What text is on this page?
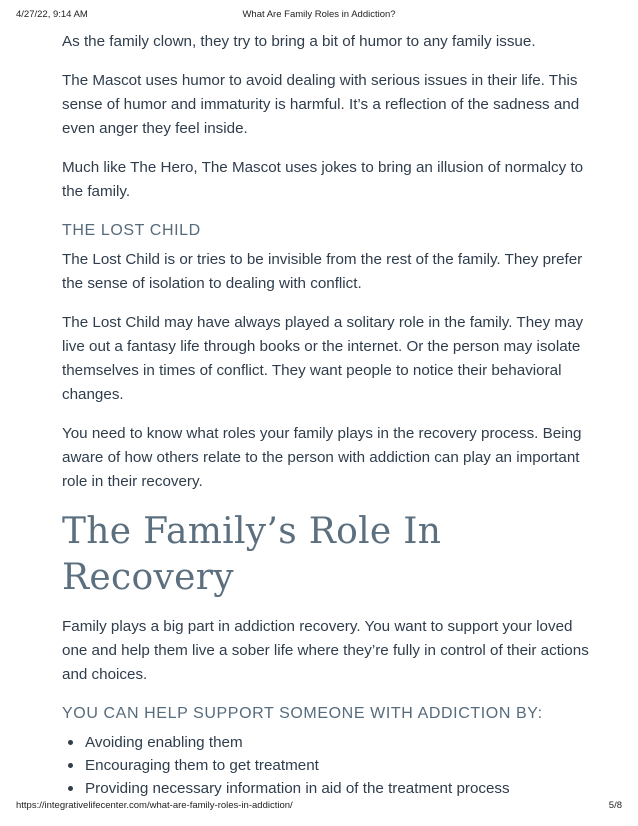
4/27/22, 9:14 AM	What Are Family Roles in Addiction?

As the family clown, they try to bring a bit of humor to any family issue.

The Mascot uses humor to avoid dealing with serious issues in their life. This sense of humor and immaturity is harmful. It’s a reflection of the sadness and even anger they feel inside.

Much like The Hero, The Mascot uses jokes to bring an illusion of normalcy to the family.

THE LOST CHILD

The Lost Child is or tries to be invisible from the rest of the family. They prefer the sense of isolation to dealing with conflict.

The Lost Child may have always played a solitary role in the family. They may live out a fantasy life through books or the internet. Or the person may isolate themselves in times of conflict. They want people to notice their behavioral changes.

You need to know what roles your family plays in the recovery process. Being aware of how others relate to the person with addiction can play an important role in their recovery.

The Family’s Role In Recovery

Family plays a big part in addiction recovery. You want to support your loved one and help them live a sober life where they’re fully in control of their actions and choices.

YOU CAN HELP SUPPORT SOMEONE WITH ADDICTION BY:
Avoiding enabling them
Encouraging them to get treatment
Providing necessary information in aid of the treatment process
https://integrativelifecenter.com/what-are-family-roles-in-addiction/	5/8
